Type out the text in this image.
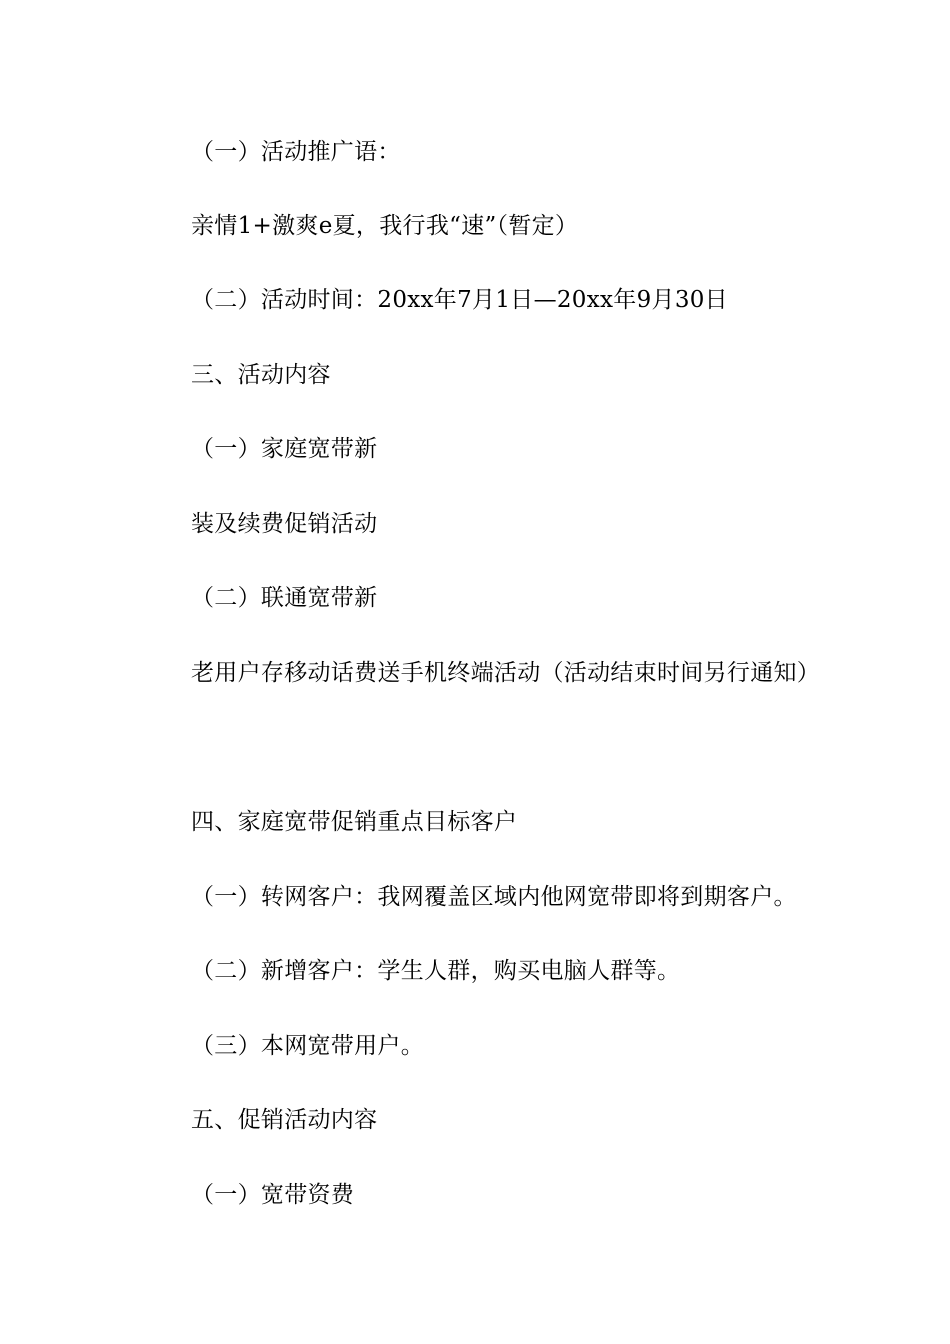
（一）活动推广语：

亲情1+激爽e夏，我行我“速”（暂定）

（二）活动时间：20xx年7月1日—20xx年9月30日

三、活动内容

（一）家庭宽带新

装及续费促销活动

（二）联通宽带新

老用户存移动话费送手机终端活动（活动结束时间另行通知）

四、家庭宽带促销重点目标客户

（一）转网客户：我网覆盖区域内他网宽带即将到期客户。

（二）新增客户：学生人群，购买电脑人群等。

（三）本网宽带用户。

五、促销活动内容

（一）宽带资费
